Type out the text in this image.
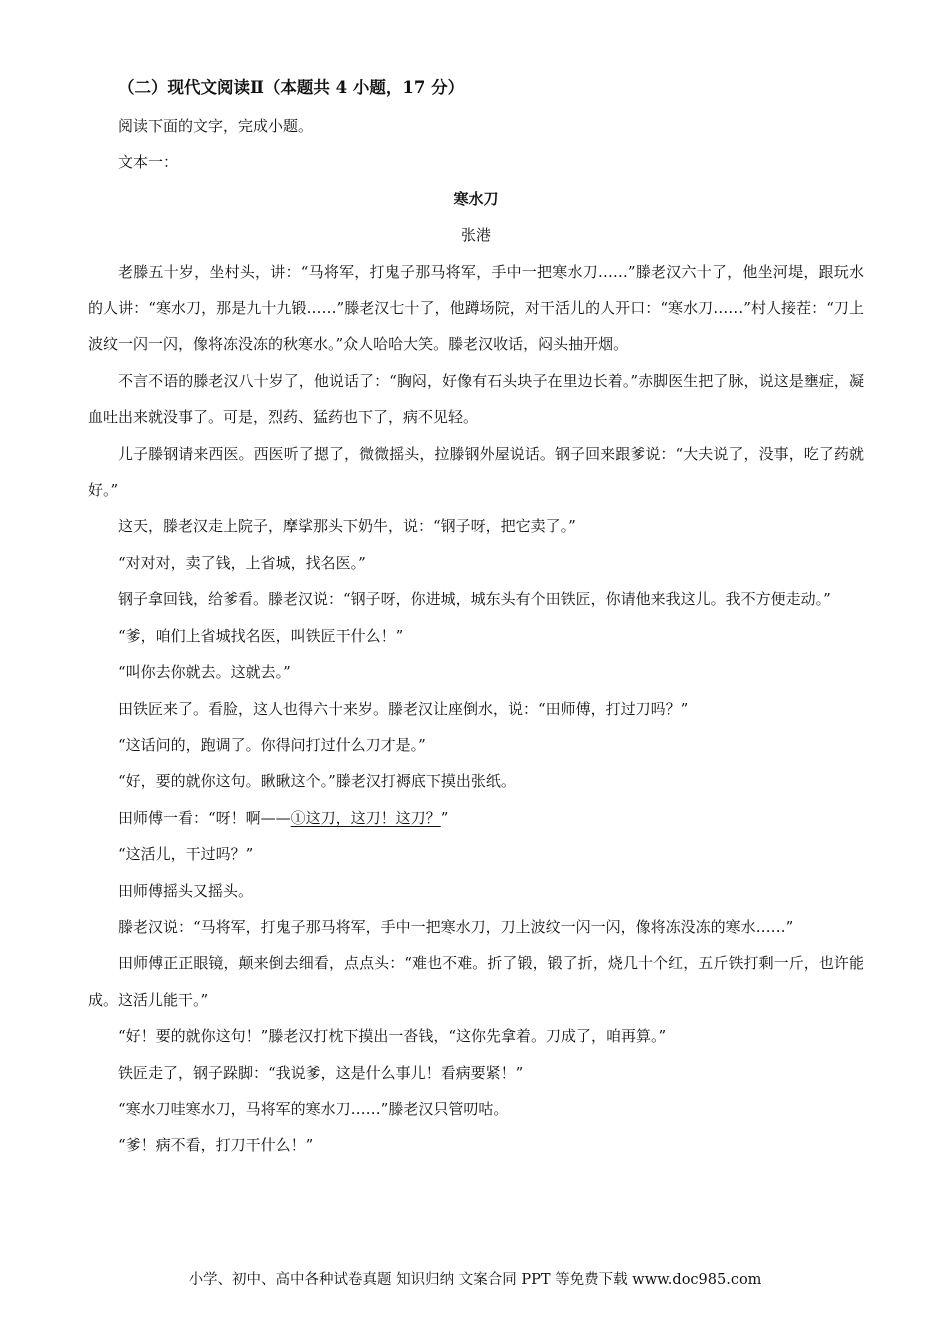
（二）现代文阅读Ⅱ（本题共 4 小题，17 分）

阅读下面的文字，完成小题。

文本一：

寒水刀

张港

老滕五十岁，坐村头，讲：“马将军，打鬼子那马将军，手中一把寒水刀……”滕老汉六十了，他坐河堤，跟玩水的人讲：“寒水刀，那是九十九锻……”滕老汉七十了，他蹲场院，对干活儿的人开口：“寒水刀……”村人接茬：“刀上波纹一闪一闪，像将冻没冻的秋寒水。”众人哈哈大笑。滕老汉收话，闷头抽开烟。

不言不语的滕老汉八十岁了，他说话了：“胸闷，好像有石头块子在里边长着。”赤脚医生把了脉，说这是壅症，凝血吐出来就没事了。可是，烈药、猛药也下了，病不见轻。

儿子滕钢请来西医。西医听了摁了，微微摇头，拉滕钢外屋说话。钢子回来跟爹说：“大夫说了，没事，吃了药就好。”

这天，滕老汉走上院子，摩挲那头下奶牛，说：“钢子呀，把它卖了。”

“对对对，卖了钱，上省城，找名医。”

钢子拿回钱，给爹看。滕老汉说：“钢子呀，你进城，城东头有个田铁匠，你请他来我这儿。我不方便走动。”

“爹，咱们上省城找名医，叫铁匠干什么！”

“叫你去你就去。这就去。”

田铁匠来了。看脸，这人也得六十来岁。滕老汉让座倒水，说：“田师傅，打过刀吗？”

“这话问的，跑调了。你得问打过什么刀才是。”

“好，要的就你这句。瞅瞅这个。”滕老汉打褥底下摸出张纸。

田师傅一看：“呀！啊——①这刀，这刀！这刀？”

“这活儿，干过吗？”

田师傅摇头又摇头。

滕老汉说：“马将军，打鬼子那马将军，手中一把寒水刀，刀上波纹一闪一闪，像将冻没冻的寒水……”

田师傅正正眼镜，颠来倒去细看，点点头：“难也不难。折了锻，锻了折，烧几十个红，五斤铁打剩一斤，也许能成。这活儿能干。”

“好！要的就你这句！”滕老汉打枕下摸出一沓钱，“这你先拿着。刀成了，咱再算。”

铁匠走了，钢子跺脚：“我说爹，这是什么事儿！看病要紧！”

“寒水刀哇寒水刀，马将军的寒水刀……”滕老汉只管叨咕。

“爹！病不看，打刀干什么！”

小学、初中、高中各种试卷真题 知识归纳 文案合同 PPT 等免费下载 www.doc985.com
